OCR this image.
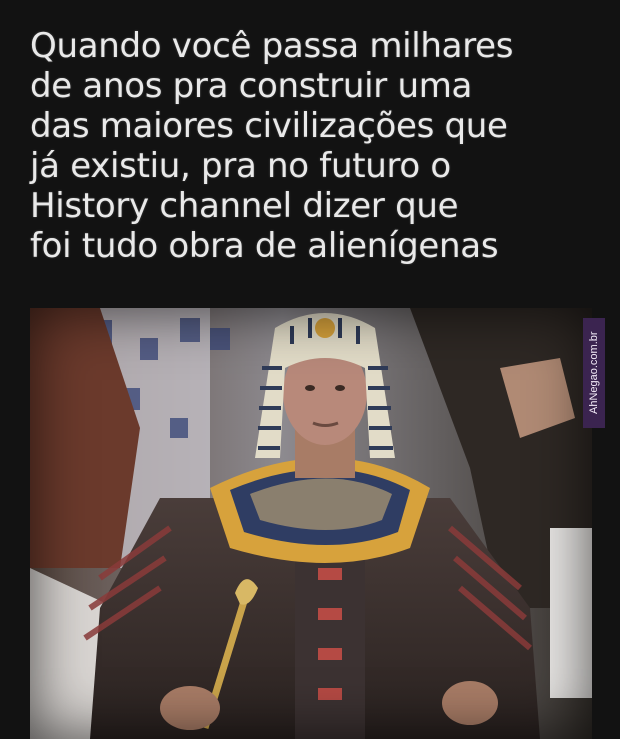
Quando você passa milhares
de anos pra construir uma
das maiores civilizações que
já existiu, pra no futuro o
History channel dizer que
foi tudo obra de alienígenas
AhNegao.com.br
